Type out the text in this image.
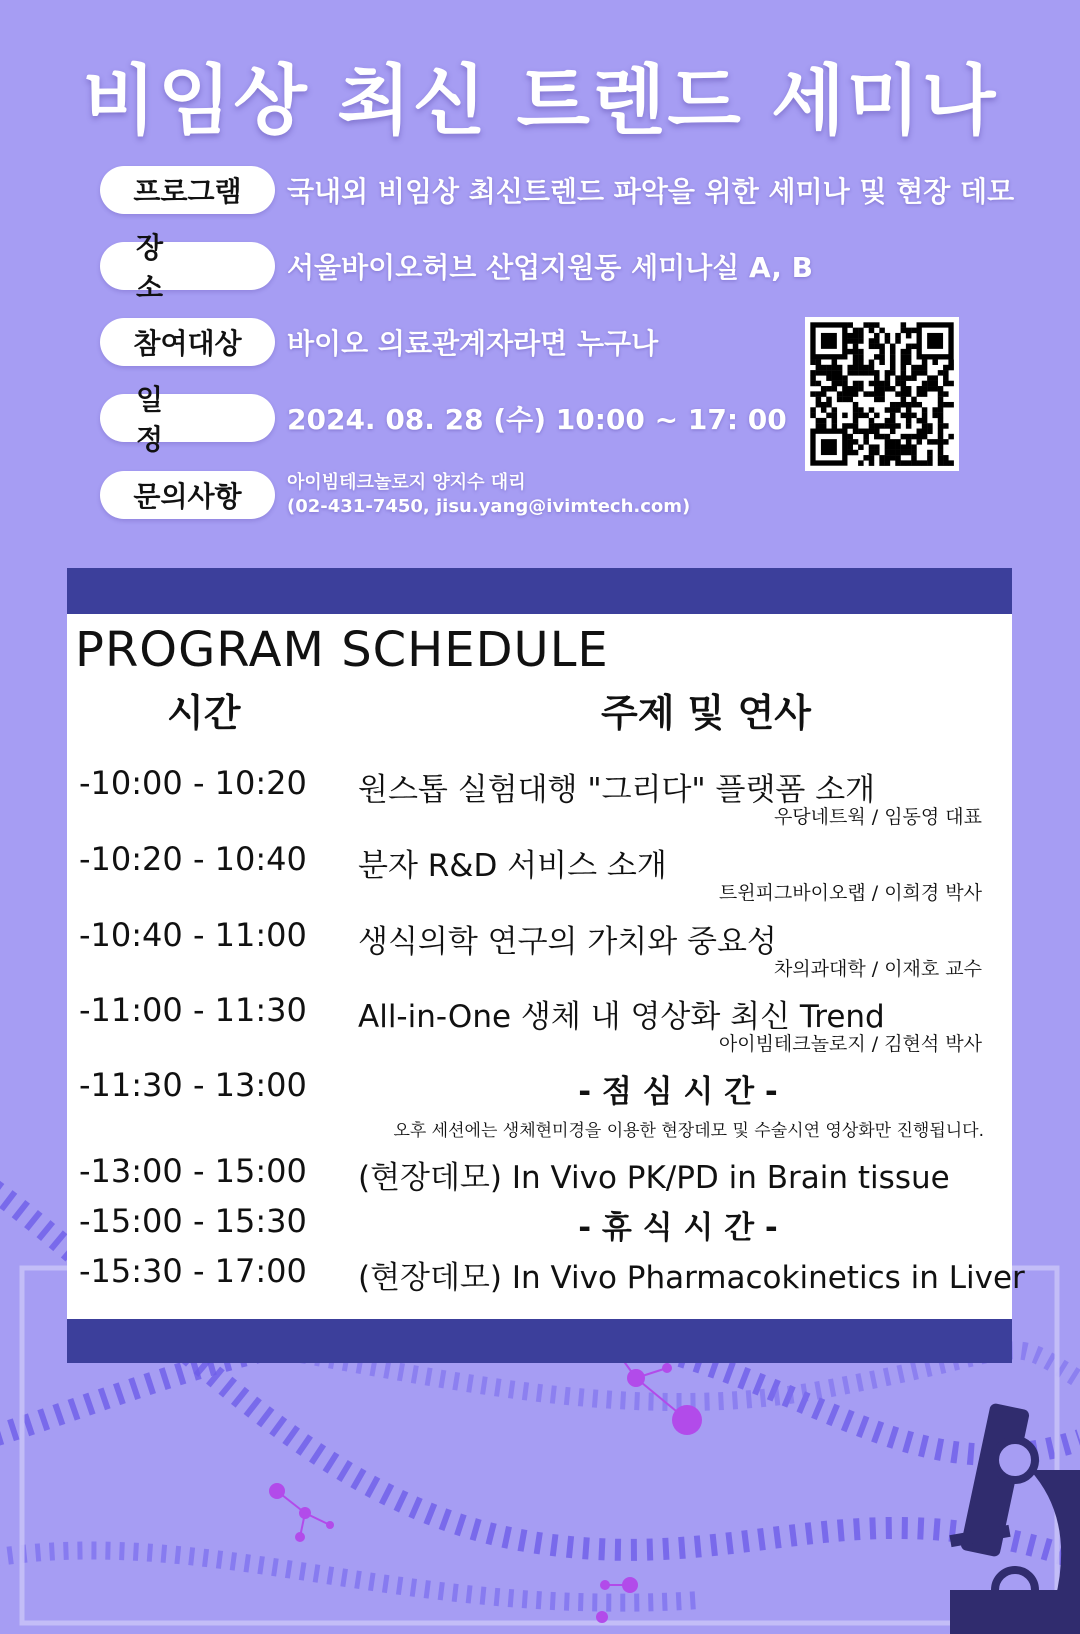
비임상 최신 트렌드 세미나
프로그램	국내외 비임상 최신트렌드 파악을 위한 세미나 및 현장 데모
장 소
서울바이오허브 산업지원동 세미나실 A, B
참여대상	바이오 의료관계자라면 누구나
일 정
2024. 08. 28 (수) 10:00 ~ 17: 00
문의사항	아이빔테크놀로지 양지수 대리
(02-431-7450, jisu.yang@ivimtech.com)
PROGRAM SCHEDULE
시간	주제 및 연사
-10:00 - 10:20 원스톱 실험대행 "그리다" 플랫폼 소개
우당네트웍 / 임동영 대표
-10:20 - 10:40 분자 R&D 서비스 소개
트윈피그바이오랩 / 이희경 박사
-10:40 - 11:00 생식의학 연구의 가치와 중요성
차의과대학 / 이재호 교수
-11:00 - 11:30 All-in-One 생체 내 영상화 최신 Trend
아이빔테크놀로지 / 김현석 박사
-11:30 - 13:00	- 점 심 시 간 -
오후 세션에는 생체현미경을 이용한 현장데모 및 수술시연 영상화만 진행됩니다.
-13:00 - 15:00 (현장데모) In Vivo PK/PD in Brain tissue
-15:00 - 15:30	- 휴 식 시 간 -
-15:30 - 17:00 (현장데모) In Vivo Pharmacokinetics in Liver
